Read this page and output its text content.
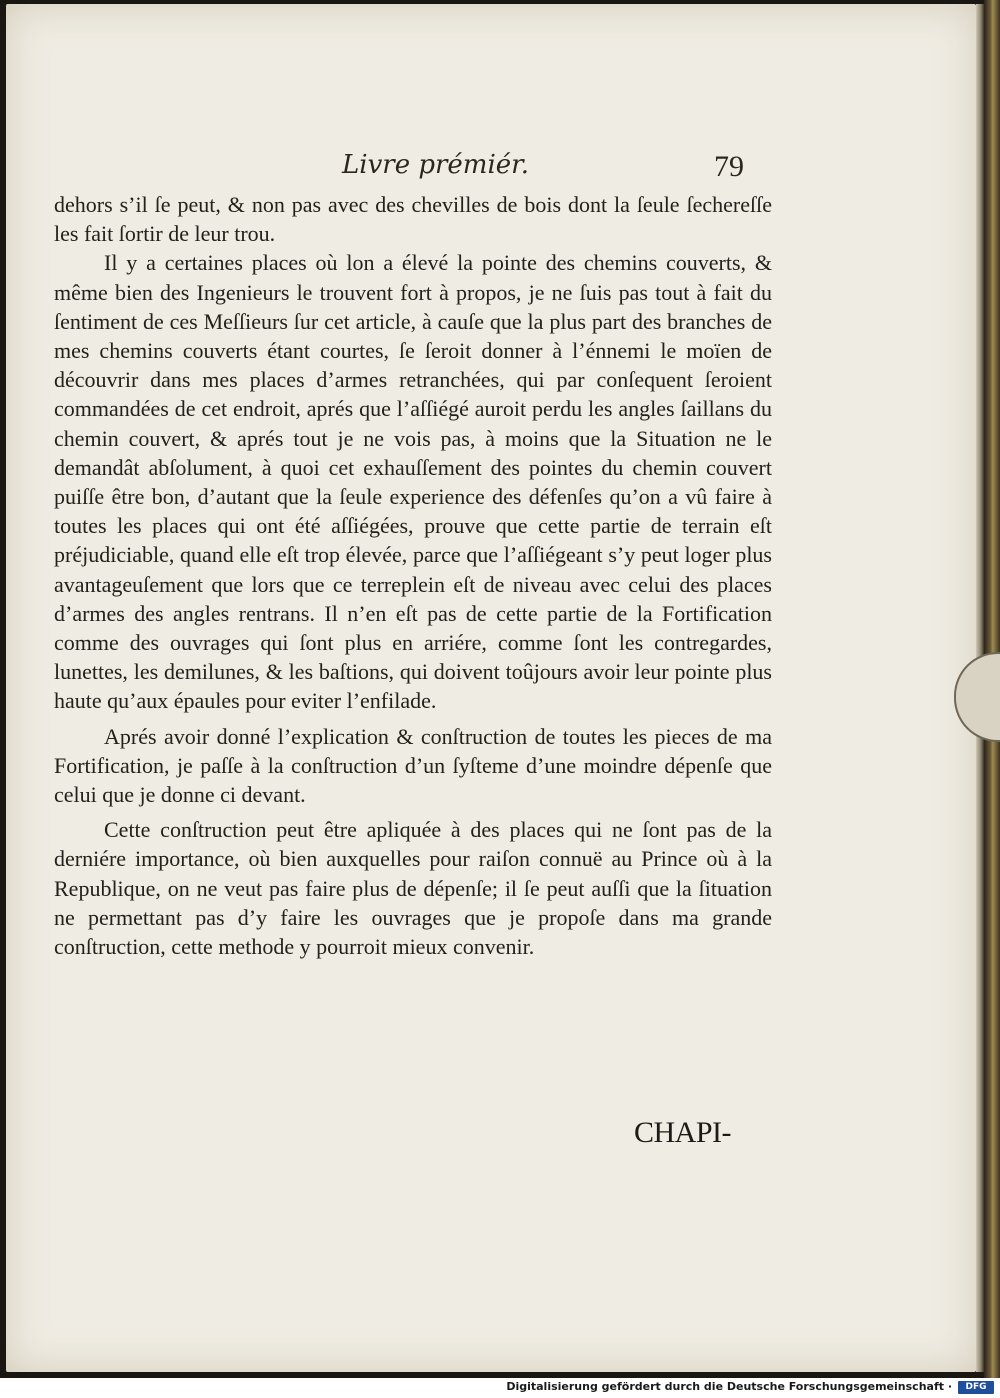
Livre prémiér.	79

dehors s’il ſe peut, & non pas avec des chevilles de bois dont la ſeule ſechereſſe les fait ſortir de leur trou.

Il y a certaines places où lon a élevé la pointe des chemins couverts, & même bien des Ingenieurs le trouvent fort à propos, je ne ſuis pas tout à fait du ſentiment de ces Meſſieurs ſur cet article, à cauſe que la plus part des branches de mes chemins couverts étant courtes, ſe ſeroit donner à l’énnemi le moïen de découvrir dans mes places d’armes retranchées, qui par conſequent ſeroient commandées de cet endroit, aprés que l’aſſiégé auroit perdu les angles ſaillans du chemin couvert, & aprés tout je ne vois pas, à moins que la Situation ne le demandât abſolument, à quoi cet exhauſſement des pointes du chemin couvert puiſſe être bon, d’autant que la ſeule experience des défenſes qu’on a vû faire à toutes les places qui ont été aſſiégées, prouve que cette partie de terrain eſt préjudiciable, quand elle eſt trop élevée, parce que l’aſſiégeant s’y peut loger plus avantageuſement que lors que ce terreplein eſt de niveau avec celui des places d’armes des angles rentrans. Il n’en eſt pas de cette partie de la Fortification comme des ouvrages qui ſont plus en arriére, comme ſont les contregardes, lunettes, les demilunes, & les baſtions, qui doivent toûjours avoir leur pointe plus haute qu’aux épaules pour eviter l’enfilade.

Aprés avoir donné l’explication & conſtruction de toutes les pieces de ma Fortification, je paſſe à la conſtruction d’un ſyſteme d’une moindre dépenſe que celui que je donne ci devant.

Cette conſtruction peut être apliquée à des places qui ne ſont pas de la derniére importance, où bien auxquelles pour raiſon connuë au Prince où à la Republique, on ne veut pas faire plus de dépenſe; il ſe peut auſſi que la ſituation ne permettant pas d’y faire les ouvrages que je propoſe dans ma grande conſtruction, cette methode y pourroit mieux convenir.

CHAPI-
Digitalisierung gefördert durch die Deutsche Forschungsgemeinschaft ·	DFG
